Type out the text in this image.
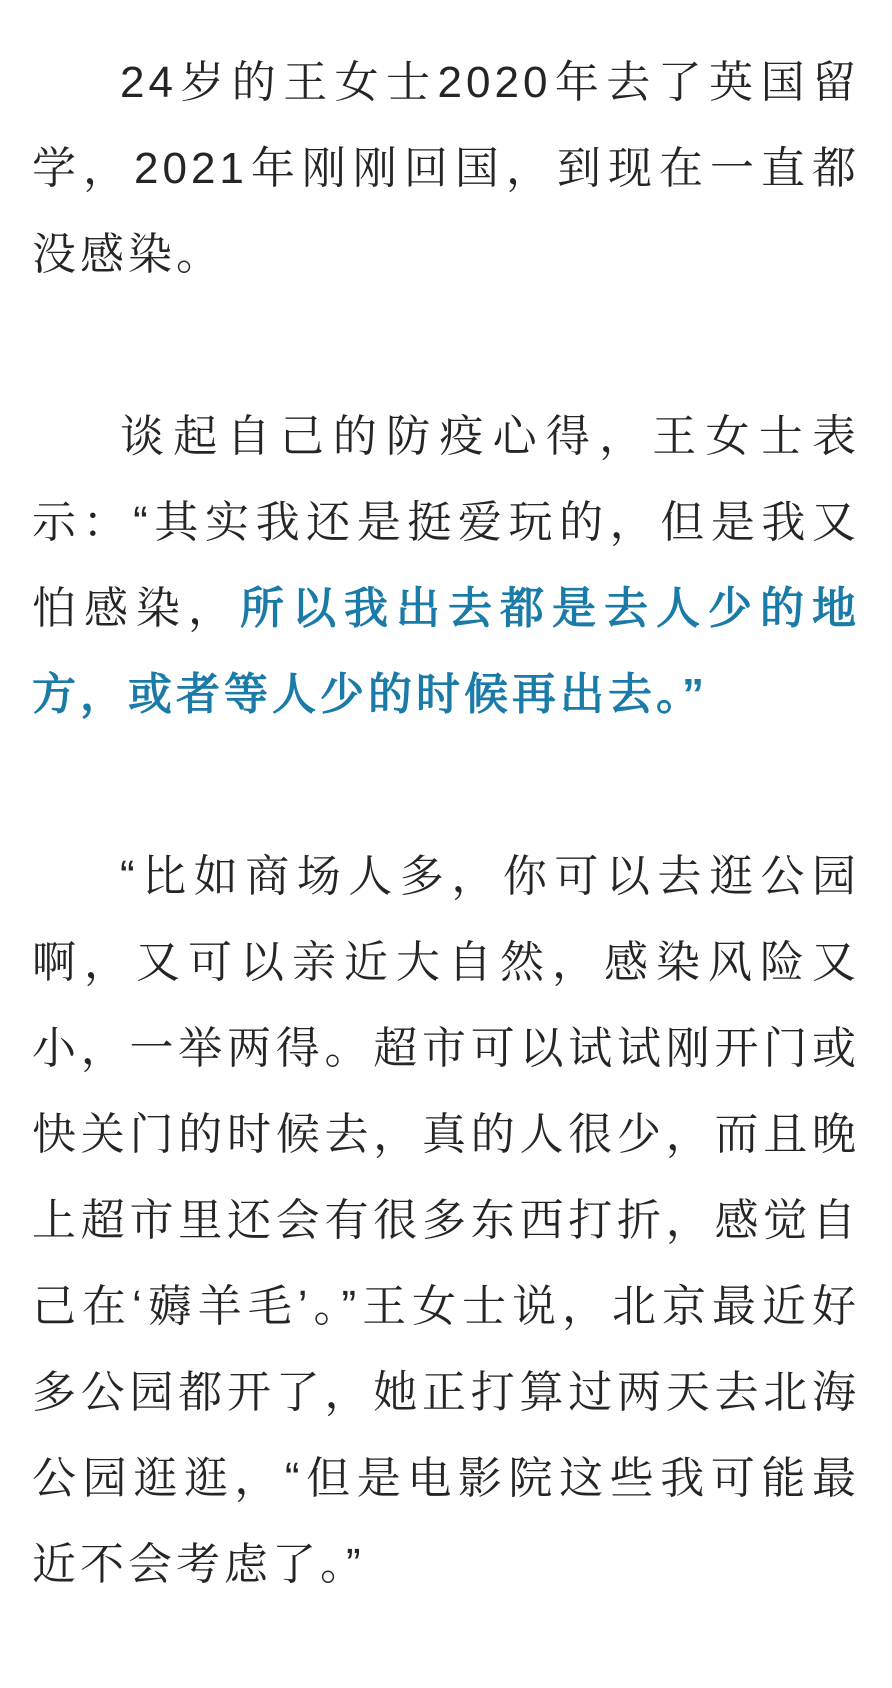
24岁的王女士2020年去了英国留学，2021年刚刚回国，到现在一直都没感染。

谈起自己的防疫心得，王女士表示：“其实我还是挺爱玩的，但是我又怕感染，所以我出去都是去人少的地方，或者等人少的时候再出去。”

“比如商场人多，你可以去逛公园啊，又可以亲近大自然，感染风险又小，一举两得。超市可以试试刚开门或快关门的时候去，真的人很少，而且晚上超市里还会有很多东西打折，感觉自己在‘薅羊毛’。”王女士说，北京最近好多公园都开了，她正打算过两天去北海公园逛逛，“但是电影院这些我可能最近不会考虑了。”
